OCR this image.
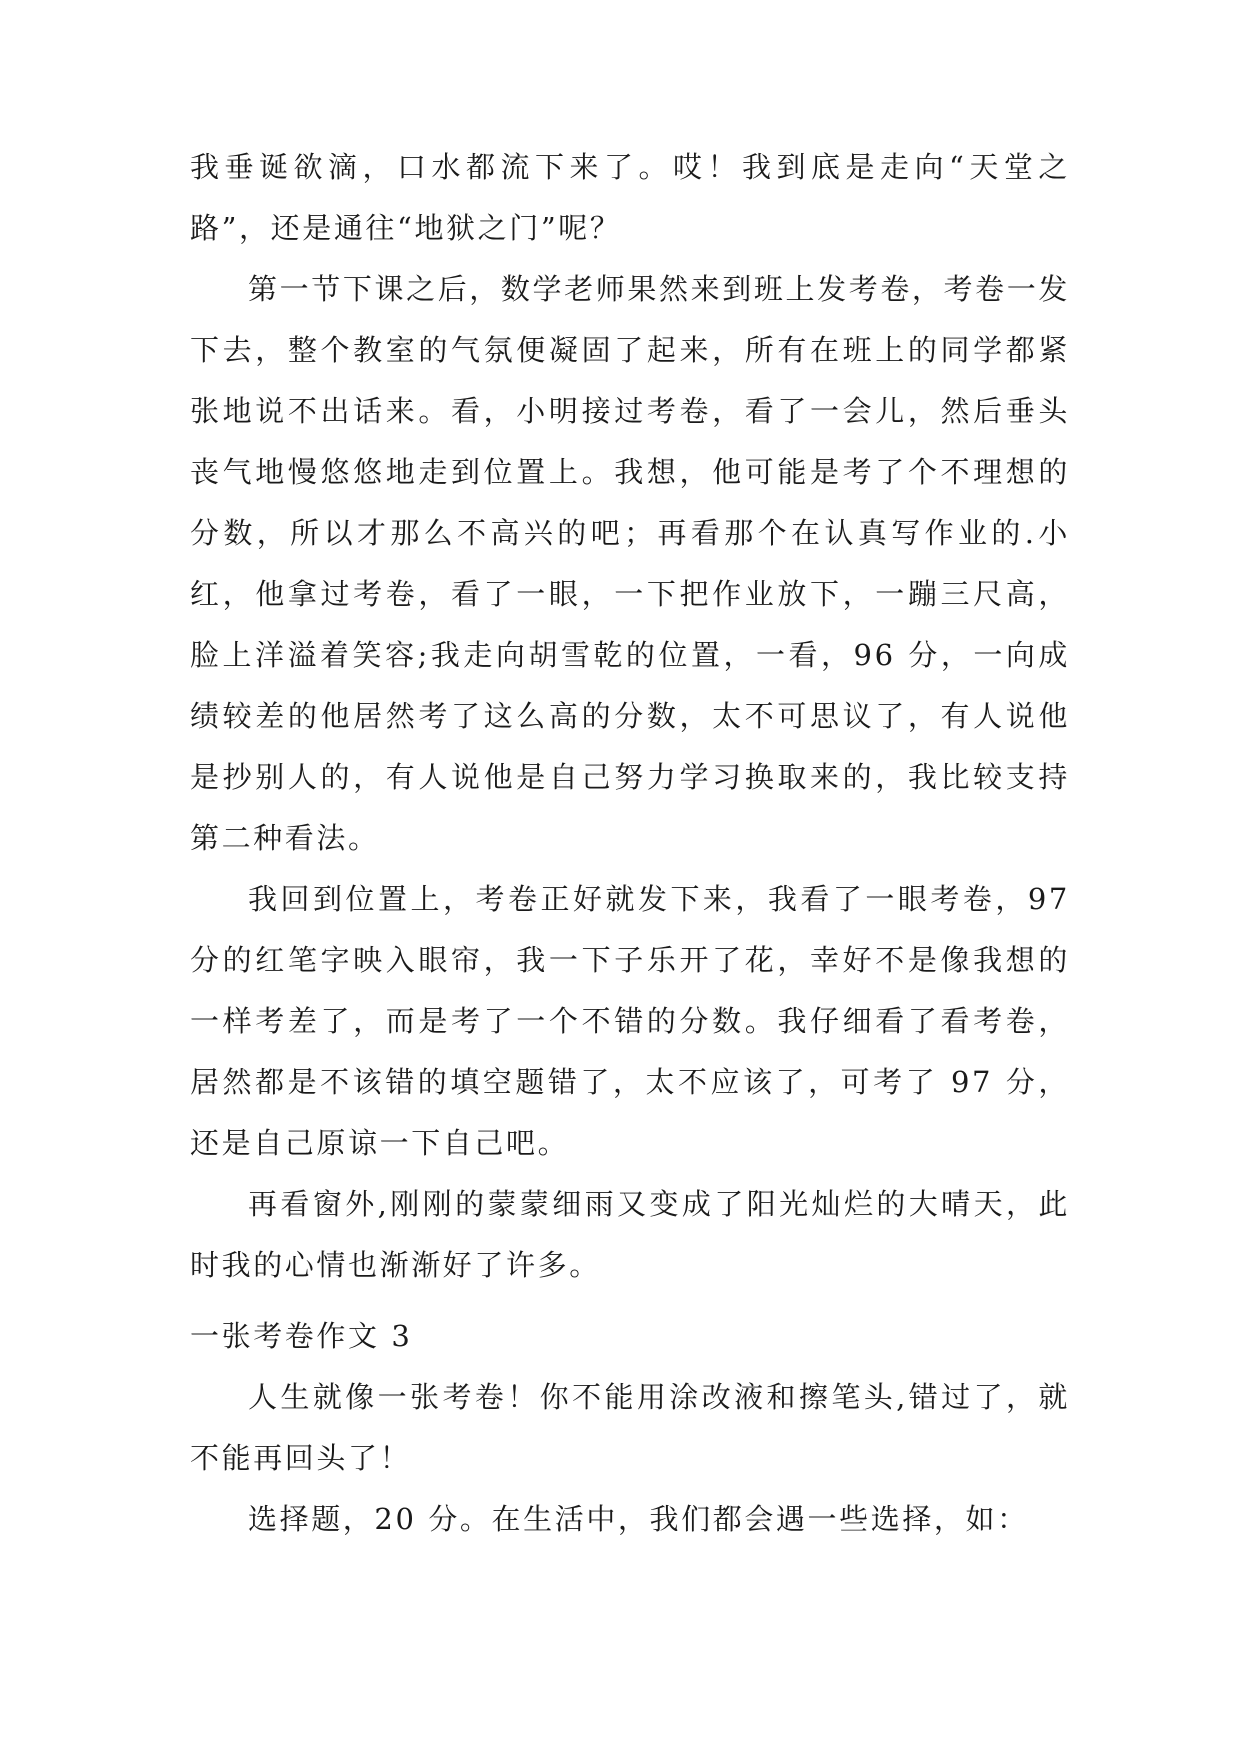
我垂诞欲滴，口水都流下来了。哎！我到底是走向“天堂之路”，还是通往“地狱之门”呢？

第一节下课之后，数学老师果然来到班上发考卷，考卷一发下去，整个教室的气氛便凝固了起来，所有在班上的同学都紧张地说不出话来。看，小明接过考卷，看了一会儿，然后垂头丧气地慢悠悠地走到位置上。我想，他可能是考了个不理想的分数，所以才那么不高兴的吧；再看那个在认真写作业的.小红，他拿过考卷，看了一眼，一下把作业放下，一蹦三尺高，脸上洋溢着笑容;我走向胡雪乾的位置，一看，96 分，一向成绩较差的他居然考了这么高的分数，太不可思议了，有人说他是抄别人的，有人说他是自己努力学习换取来的，我比较支持第二种看法。

我回到位置上，考卷正好就发下来，我看了一眼考卷，97 分的红笔字映入眼帘，我一下子乐开了花，幸好不是像我想的一样考差了，而是考了一个不错的分数。我仔细看了看考卷，居然都是不该错的填空题错了，太不应该了，可考了 97 分，还是自己原谅一下自己吧。

再看窗外,刚刚的蒙蒙细雨又变成了阳光灿烂的大晴天，此时我的心情也渐渐好了许多。

一张考卷作文 3

人生就像一张考卷！你不能用涂改液和擦笔头,错过了，就不能再回头了！

选择题，20 分。在生活中，我们都会遇一些选择，如：
